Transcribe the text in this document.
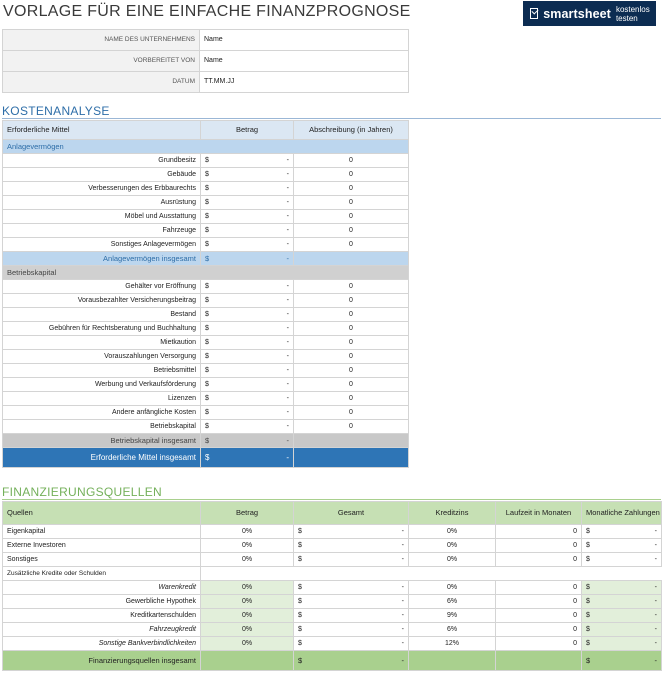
VORLAGE FÜR EINE EINFACHE FINANZPROGNOSE	smartsheet kostenlos testen
NAME DES UNTERNEHMENS	Name
VORBEREITET VON	Name
DATUM	TT.MM.JJ
KOSTENANALYSE
Erforderliche Mittel	Betrag	Abschreibung (in Jahren)
Anlagevermögen		
Grundbesitz	$ -	0
Gebäude	$ -	0
Verbesserungen des Erbbaurechts	$ -	0
Ausrüstung	$ -	0
Möbel und Ausstattung	$ -	0
Fahrzeuge	$ -	0
Sonstiges Anlagevermögen	$ -	0
Anlagevermögen insgesamt	$ -	

Betriebskapital		
Gehälter vor Eröffnung	$ -	0
Vorausbezahlter Versicherungsbeitrag	$ -	0
Bestand	$ -	0
Gebühren für Rechtsberatung und Buchhaltung	$ -	0
Mietkaution	$ -	0
Vorauszahlungen Versorgung	$ -	0
Betriebsmittel	$ -	0
Werbung und Verkaufsförderung	$ -	0
Lizenzen	$ -	0
Andere anfängliche Kosten	$ -	0
Betriebskapital	$ -	0
Betriebskapital insgesamt	$ -	

Erforderliche Mittel insgesamt	$ -	

FINANZIERUNGSQUELLEN
Quellen	Betrag	Gesamt	Kreditzins	Laufzeit in Monaten	Monatliche Zahlungen
Eigenkapital	0%	$ -	0%	0	$ -

Externe Investoren	0%	$ -	0%	0	$ -

Sonstiges	0%	$ -	0%	0	$ -

Zusätzliche Kredite oder Schulden					
Warenkredit	0%	$ -	0%	0	$ -

Gewerbliche Hypothek	0%	$ -	6%	0	$ -

Kreditkartenschulden	0%	$ -	9%	0	$ -

Fahrzeugkredit	0%	$ -	6%	0	$ -

Sonstige Bankverbindlichkeiten	0%	$ -	12%	0	$ -

Finanzierungsquellen insgesamt		$ -			$ -
